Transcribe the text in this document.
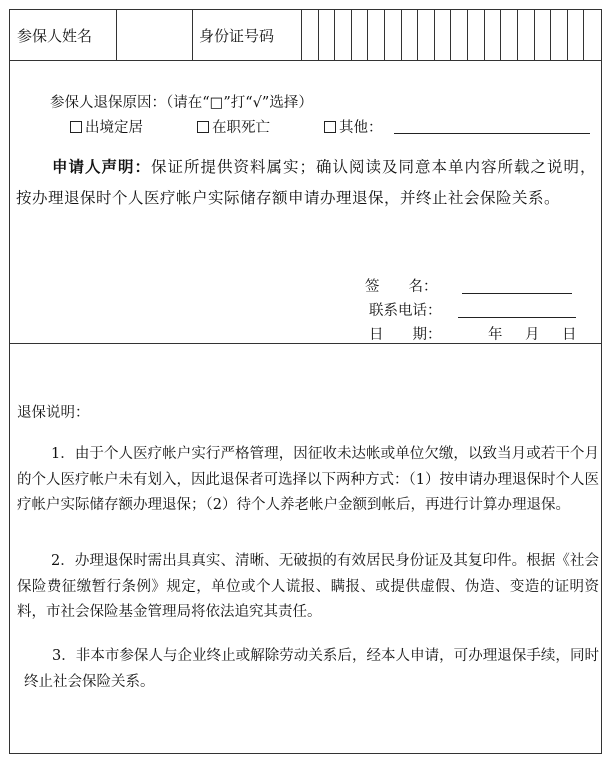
参保人姓名	身份证号码
参保人退保原因：（请在“□”打“√”选择）
出境定居	在职死亡	其他：
申请人声明：保证所提供资料属实；确认阅读及同意本单内容所载之说明，按办理退保时个人医疗帐户实际储存额申请办理退保，并终止社会保险关系。
签　　名：
联系电话：
日　　期：	年 月 日
退保说明：
1．由于个人医疗帐户实行严格管理，因征收未达帐或单位欠缴，以致当月或若干个月的个人医疗帐户未有划入，因此退保者可选择以下两种方式：（1）按申请办理退保时个人医疗帐户实际储存额办理退保；（2）待个人养老帐户金额到帐后，再进行计算办理退保。
2．办理退保时需出具真实、清晰、无破损的有效居民身份证及其复印件。根据《社会保险费征缴暂行条例》规定，单位或个人谎报、瞒报、或提供虚假、伪造、变造的证明资料，市社会保险基金管理局将依法追究其责任。
3．非本市参保人与企业终止或解除劳动关系后，经本人申请，可办理退保手续，同时终止社会保险关系。
